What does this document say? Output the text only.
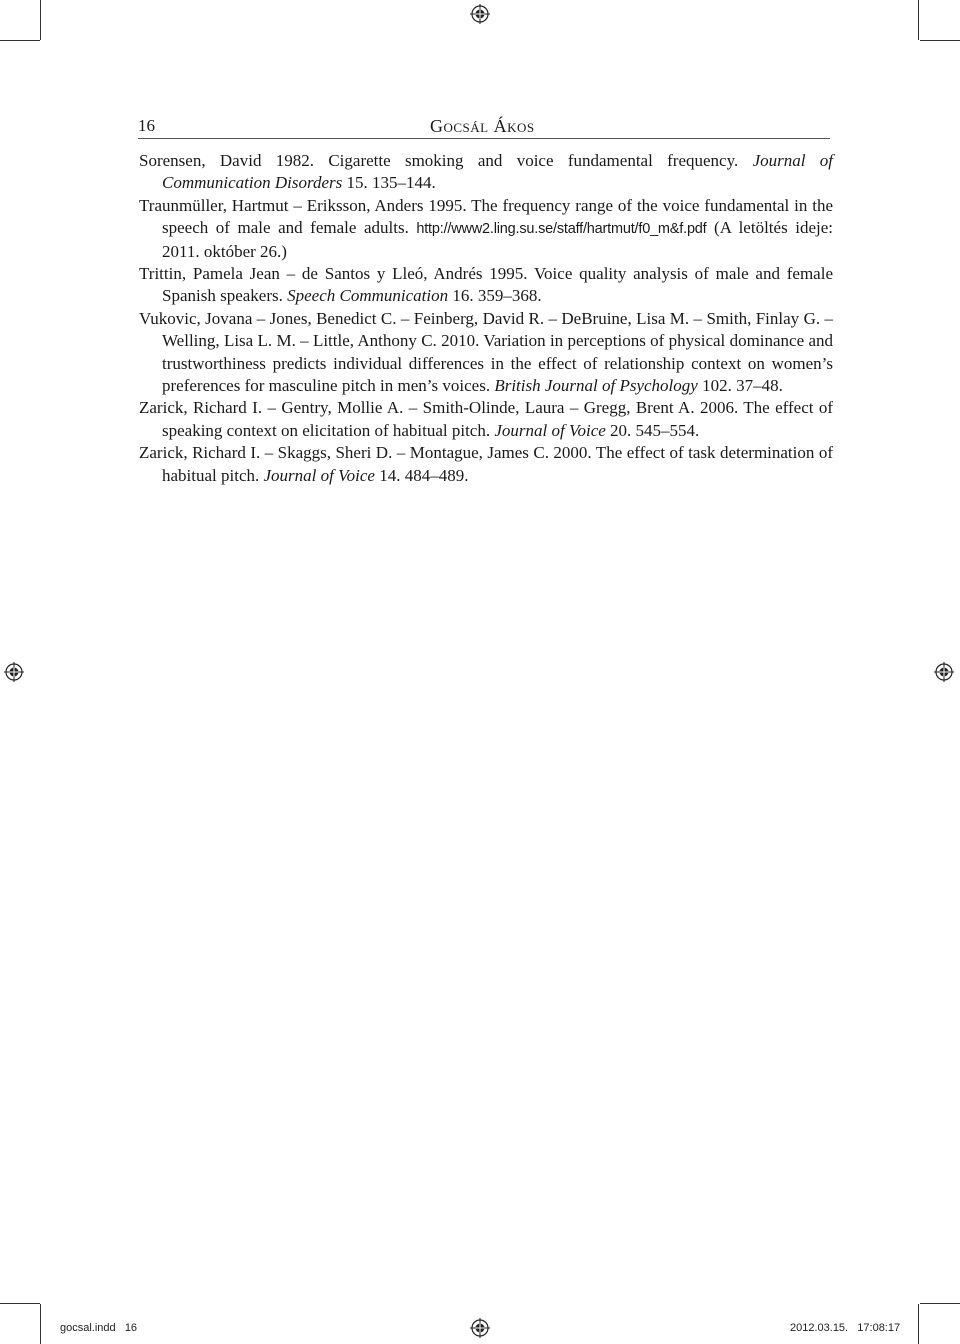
16	Gocsál Ákos
Sorensen, David 1982. Cigarette smoking and voice fundamental frequency. Journal of Communication Disorders 15. 135–144.
Traunmüller, Hartmut – Eriksson, Anders 1995. The frequency range of the voice fundamental in the speech of male and female adults. http://www2.ling.su.se/staff/hartmut/f0_m&f.pdf (A letöltés ideje: 2011. október 26.)
Trittin, Pamela Jean – de Santos y Lleó, Andrés 1995. Voice quality analysis of male and female Spanish speakers. Speech Communication 16. 359–368.
Vukovic, Jovana – Jones, Benedict C. – Feinberg, David R. – DeBruine, Lisa M. – Smith, Finlay G. – Welling, Lisa L. M. – Little, Anthony C. 2010. Variation in perceptions of physical dominance and trustworthiness predicts individual differences in the effect of relationship context on women’s preferences for masculine pitch in men’s voices. British Journal of Psychology 102. 37–48.
Zarick, Richard I. – Gentry, Mollie A. – Smith-Olinde, Laura – Gregg, Brent A. 2006. The effect of speaking context on elicitation of habitual pitch. Journal of Voice 20. 545–554.
Zarick, Richard I. – Skaggs, Sheri D. – Montague, James C. 2000. The effect of task determination of habitual pitch. Journal of Voice 14. 484–489.
gocsal.indd   16	2012.03.15.   17:08:17
